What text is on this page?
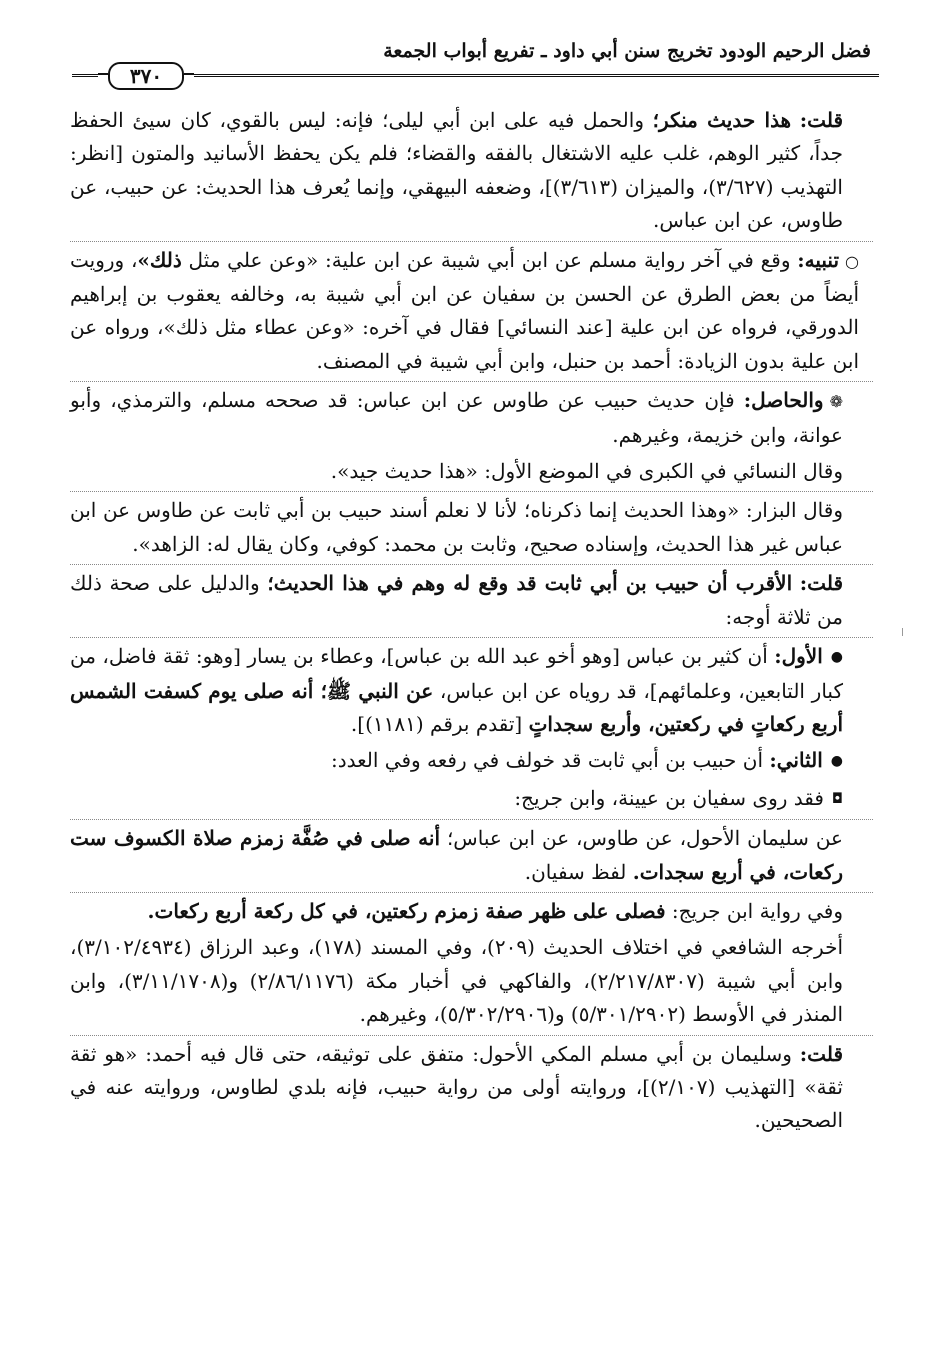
فضل الرحيم الودود تخريج سنن أبي داود ـ تفريع أبواب الجمعة
٣٧٠

قلت: هذا حديث منكر؛ والحمل فيه على ابن أبي ليلى؛ فإنه: ليس بالقوي، كان سيئ الحفظ جداً، كثير الوهم، غلب عليه الاشتغال بالفقه والقضاء؛ فلم يكن يحفظ الأسانيد والمتون [انظر: التهذيب (٣/٦٢٧)، والميزان (٣/٦١٣)]، وضعفه البيهقي، وإنما يُعرف هذا الحديث: عن حبيب، عن طاوس، عن ابن عباس.

○تنبيه: وقع في آخر رواية مسلم عن ابن أبي شيبة عن ابن علية: «وعن علي مثل ذلك»، ورويت أيضاً من بعض الطرق عن الحسن بن سفيان عن ابن أبي شيبة به، وخالفه يعقوب بن إبراهيم الدورقي، فرواه عن ابن علية [عند النسائي] فقال في آخره: «وعن عطاء مثل ذلك»، ورواه عن ابن علية بدون الزيادة: أحمد بن حنبل، وابن أبي شيبة في المصنف.

❁والحاصل: فإن حديث حبيب عن طاوس عن ابن عباس: قد صححه مسلم، والترمذي، وأبو عوانة، وابن خزيمة، وغيرهم.

وقال النسائي في الكبرى في الموضع الأول: «هذا حديث جيد».

وقال البزار: «وهذا الحديث إنما ذكرناه؛ لأنا لا نعلم أسند حبيب بن أبي ثابت عن طاوس عن ابن عباس غير هذا الحديث، وإسناده صحيح، وثابت بن محمد: كوفي، وكان يقال له: الزاهد».

قلت: الأقرب أن حبيب بن أبي ثابت قد وقع له وهم في هذا الحديث؛ والدليل على صحة ذلك من ثلاثة أوجه:

●الأول: أن كثير بن عباس [وهو أخو عبد الله بن عباس]، وعطاء بن يسار [وهو: ثقة فاضل، من كبار التابعين، وعلمائهم]، قد روياه عن ابن عباس، عن النبي ﷺ؛ أنه صلى يوم كسفت الشمس أربع ركعاتٍ في ركعتين، وأربع سجداتٍ [تقدم برقم (١١٨١)].

●الثاني: أن حبيب بن أبي ثابت قد خولف في رفعه وفي العدد:

◘فقد روى سفيان بن عيينة، وابن جريج:

عن سليمان الأحول، عن طاوس، عن ابن عباس؛ أنه صلى في صُفَّة زمزم صلاة الكسوف ست ركعات، في أربع سجدات. لفظ سفيان.

وفي رواية ابن جريج: فصلى على ظهر صفة زمزم ركعتين، في كل ركعة أربع ركعات.

أخرجه الشافعي في اختلاف الحديث (٢٠٩)، وفي المسند (١٧٨)، وعبد الرزاق (٣/١٠٢/٤٩٣٤)، وابن أبي شيبة (٢/٢١٧/٨٣٠٧)، والفاكهي في أخبار مكة (٢/٨٦/١١٧٦) و(٣/١١/١٧٠٨)، وابن المنذر في الأوسط (٥/٣٠١/٢٩٠٢) و(٥/٣٠٢/٢٩٠٦)، وغيرهم.

قلت: وسليمان بن أبي مسلم المكي الأحول: متفق على توثيقه، حتى قال فيه أحمد: «هو ثقة ثقة» [التهذيب (٢/١٠٧)]، وروايته أولى من رواية حبيب، فإنه بلدي لطاوس، وروايته عنه في الصحيحين.
